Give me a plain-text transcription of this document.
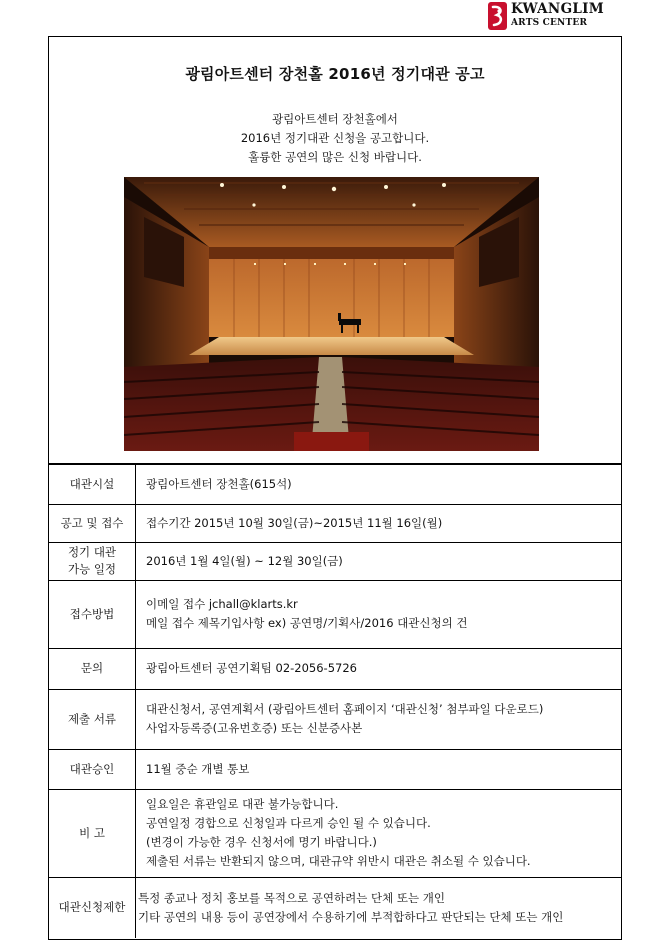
KWANGLIM
ARTS CENTER
광림아트센터 장천홀 2016년 정기대관 공고
광림아트센터 장천홀에서
2016년 정기대관 신청을 공고합니다.
훌륭한 공연의 많은 신청 바랍니다.
대관시설	광림아트센터 장천홀(615석)

공고 및 접수	접수기간 2015년 10월 30일(금)~2015년 11월 16일(월)

정기 대관
가능 일정	2016년 1월 4일(월) ~ 12월 30일(금)

접수방법	이메일 접수 jchall@klarts.kr
메일 접수 제목기입사항 ex) 공연명/기획사/2016 대관신청의 건

문의	광림아트센터 공연기획팀 02-2056-5726

제출 서류	대관신청서, 공연계획서 (광림아트센터 홈페이지 ‘대관신청’ 첨부파일 다운로드)
사업자등록증(고유번호증) 또는 신분증사본

대관승인	11월 중순 개별 통보

비 고	일요일은 휴관일로 대관 불가능합니다.
공연일정 경합으로 신청일과 다르게 승인 될 수 있습니다.
(변경이 가능한 경우 신청서에 명기 바랍니다.)
제출된 서류는 반환되지 않으며, 대관규약 위반시 대관은 취소될 수 있습니다.

대관신청제한	특정 종교나 정치 홍보를 목적으로 공연하려는 단체 또는 개인
기타 공연의 내용 등이 공연장에서 수용하기에 부적합하다고 판단되는 단체 또는 개인
